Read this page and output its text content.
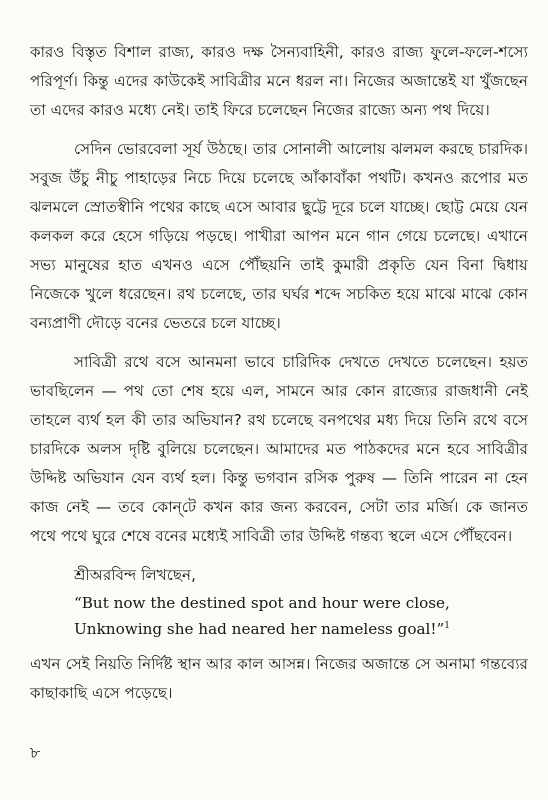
কারও বিস্তৃত বিশাল রাজ্য, কারও দক্ষ সৈন্যবাহিনী, কারও রাজ্য ফুলে-ফলে-শস্যে পরিপূর্ণ। কিন্তু এদের কাউকেই সাবিত্রীর মনে ধরল না। নিজের অজান্তেই যা খুঁজছেন তা এদের কারও মধ্যে নেই। তাই ফিরে চলেছেন নিজের রাজ্যে অন্য পথ দিয়ে।

সেদিন ভোরবেলা সূর্য উঠছে। তার সোনালী আলোয় ঝলমল করছে চারদিক। সবুজ উঁচু নীচু পাহাড়ের নিচে দিয়ে চলেছে আঁকাবাঁকা পথটি। কখনও রূপোর মত ঝলমলে স্রোতস্বীনি পথের কাছে এসে আবার ছুট্টে দূরে চলে যাচ্ছে। ছোট্ট মেয়ে যেন কলকল করে হেসে গড়িয়ে পড়ছে। পাখীরা আপন মনে গান গেয়ে চলেছে। এখানে সভ্য মানুষের হাত এখনও এসে পৌঁছয়নি তাই কুমারী প্রকৃতি যেন বিনা দ্বিধায় নিজেকে খুলে ধরেছেন। রথ চলেছে, তার ঘর্ঘর শব্দে সচকিত হয়ে মাঝে মাঝে কোন বন্যপ্রাণী দৌড়ে বনের ভেতরে চলে যাচ্ছে।

সাবিত্রী রথে বসে আনমনা ভাবে চারিদিক দেখতে দেখতে চলেছেন। হয়ত ভাবছিলেন — পথ তো শেষ হয়ে এল, সামনে আর কোন রাজ্যের রাজধানী নেই তাহলে ব্যর্থ হল কী তার অভিযান? রথ চলেছে বনপথের মধ্য দিয়ে তিনি রথে বসে চারদিকে অলস দৃষ্টি বুলিয়ে চলেছেন। আমাদের মত পাঠকদের মনে হবে সাবিত্রীর উদ্দিষ্ট অভিযান যেন ব্যর্থ হল। কিন্তু ভগবান রসিক পুরুষ — তিনি পারেন না হেন কাজ নেই — তবে কোন্‌টে কখন কার জন্য করবেন, সেটা তার মর্জি। কে জানত পথে পথে ঘুরে শেষে বনের মধ্যেই সাবিত্রী তার উদ্দিষ্ট গন্তব্য স্থলে এসে পৌঁছবেন।

শ্রীঅরবিন্দ লিখছেন,

“But now the destined spot and hour were close,
Unknowing she had neared her nameless goal!”$^1$

এখন সেই নিয়তি নির্দিষ্ট স্থান আর কাল আসন্ন। নিজের অজান্তে সে অনামা গন্তব্যের কাছাকাছি এসে পড়েছে।

৮
